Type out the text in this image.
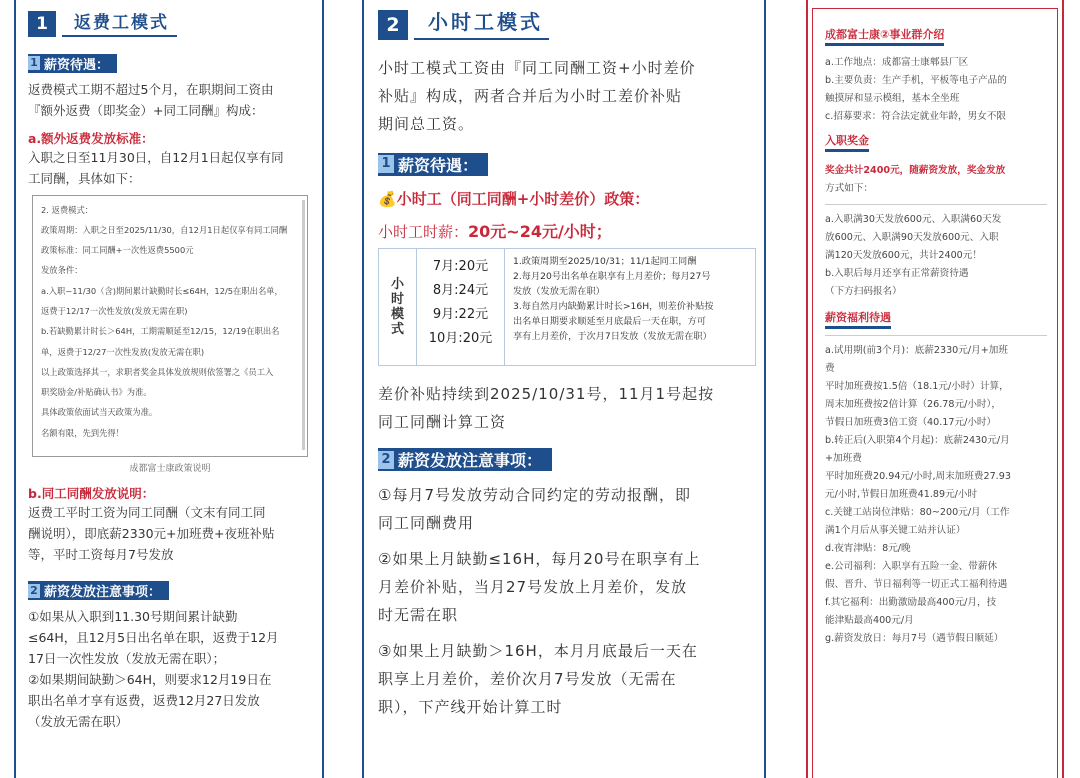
1	返费工模式
1 薪资待遇：
返费模式工期不超过5个月，在职期间工资由
『额外返费（即奖金）+同工同酬』构成：
a.额外返费发放标准：
入职之日至11月30日，自12月1日起仅享有同
工同酬，具体如下：
2. 返费模式：
政策周期：入职之日至2025/11/30，自12月1日起仅享有同工同酬
政策标准：同工同酬+一次性返费5500元
发放条件：
a.入职~11/30（含)期间累计缺勤时长≤64H，12/5在职出名单，
返费于12/17一次性发放(发放无需在职)
b.若缺勤累计时长＞64H，工期需顺延至12/15，12/19在职出名
单，返费于12/27一次性发放(发放无需在职)
以上政策选择其一，求职者奖金具体发放规则依签署之《员工入
职奖励金/补贴确认书》为准。
具体政策依面试当天政策为准。
名额有限，先到先得！
成都富士康政策说明
b.同工同酬发放说明：
返费工平时工资为同工同酬（文末有同工同
酬说明），即底薪2330元+加班费+夜班补贴
等，平时工资每月7号发放
2 薪资发放注意事项：
①如果从入职到11.30号期间累计缺勤
≤64H，且12月5日出名单在职，返费于12月
17日一次性发放（发放无需在职）；
②如果期间缺勤＞64H，则要求12月19日在
职出名单才享有返费，返费12月27日发放
（发放无需在职）
2	小时工模式
小时工模式工资由『同工同酬工资+小时差价
补贴』构成，两者合并后为小时工差价补贴
期间总工资。
1 薪资待遇：
💰小时工（同工同酬+小时差价）政策：
小时工时薪：20元~24元/小时；
小
时
模
式
7月:20元
8月:24元
9月:22元
10月:20元
1.政策周期至2025/10/31；11/1起同工同酬
2.每月20号出名单在职享有上月差价；每月27号
发放（发放无需在职）
3.每自然月内缺勤累计时长>16H，则差价补贴按
出名单日期要求顺延至月底最后一天在职，方可
享有上月差价，于次月7日发放（发放无需在职）
差价补贴持续到2025/10/31号，11月1号起按
同工同酬计算工资
2 薪资发放注意事项：
①每月7号发放劳动合同约定的劳动报酬，即
同工同酬费用
②如果上月缺勤≤16H，每月20号在职享有上
月差价补贴，当月27号发放上月差价，发放
时无需在职
③如果上月缺勤＞16H，本月月底最后一天在
职享上月差价，差价次月7号发放（无需在
职），下产线开始计算工时
成都富士康②事业群介绍
a.工作地点：成都富士康郫县厂区
b.主要负责：生产手机，平板等电子产品的
触摸屏和显示模组，基本全坐班
c.招募要求：符合法定就业年龄，男女不限
入职奖金
奖金共计2400元，随薪资发放，奖金发放
方式如下：
a.入职满30天发放600元、入职满60天发
放600元、入职满90天发放600元、入职
满120天发放600元，共计2400元！
b.入职后每月还享有正常薪资待遇
（下方扫码报名）
薪资福利待遇
a.试用期(前3个月)：底薪2330元/月+加班
费
平时加班费按1.5倍（18.1元/小时）计算，
周末加班费按2倍计算（26.78元/小时），
节假日加班费3倍工资（40.17元/小时）
b.转正后(入职第4个月起)：底薪2430元/月
+加班费
平时加班费20.94元/小时,周末加班费27.93
元/小时,节假日加班费41.89元/小时
c.关键工站岗位津贴：80~200元/月（工作
满1个月后从事关键工站并认证）
d.夜宵津贴：8元/晚
e.公司福利：入职享有五险一金、带薪休
假、晋升、节日福利等一切正式工福利待遇
f.其它福利：出勤激励最高400元/月，技
能津贴最高400元/月
g.薪资发放日：每月7号（遇节假日顺延）
